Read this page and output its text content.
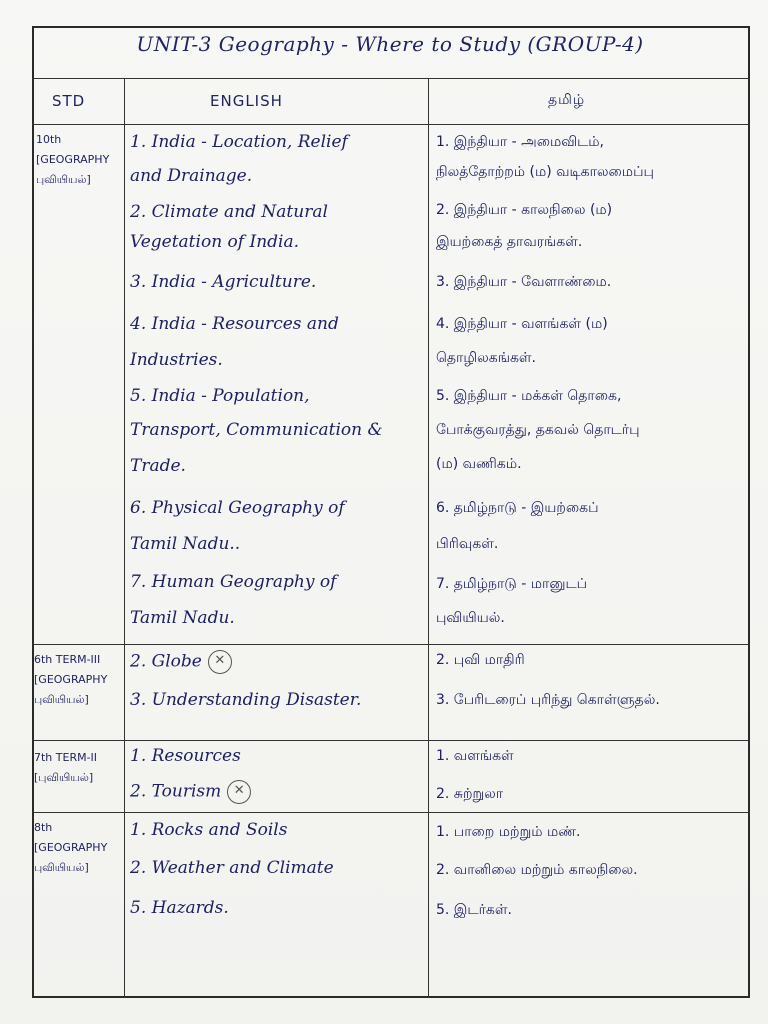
UNIT-3 Geography - Where to Study (GROUP-4)
STD	ENGLISH	தமிழ்
10th
[GEOGRAPHY
புவியியல்]
1. India - Location, Relief
and Drainage.
2. Climate and Natural
Vegetation of India.
3. India - Agriculture.
4. India - Resources and
Industries.
5. India - Population,
Transport, Communication &
Trade.
6. Physical Geography of
Tamil Nadu..
7. Human Geography of
Tamil Nadu.
1. இந்தியா - அமைவிடம்,
நிலத்தோற்றம் (ம) வடிகாலமைப்பு
2. இந்தியா - காலநிலை (ம)
இயற்கைத் தாவரங்கள்.
3. இந்தியா - வேளாண்மை.
4. இந்தியா - வளங்கள் (ம)
தொழிலகங்கள்.
5. இந்தியா - மக்கள் தொகை,
போக்குவரத்து, தகவல் தொடர்பு
(ம) வணிகம்.
6. தமிழ்நாடு - இயற்கைப்
பிரிவுகள்.
7. தமிழ்நாடு - மானுடப்
புவியியல்.
6th TERM-III
[GEOGRAPHY
புவியியல்]
2. Globe ✕
3. Understanding Disaster.
2. புவி மாதிரி
3. பேரிடரைப் புரிந்து கொள்ளுதல்.
7th TERM-II
[புவியியல்]
1. Resources
2. Tourism ✕
1. வளங்கள்
2. சுற்றுலா
8th
[GEOGRAPHY
புவியியல்]
1. Rocks and Soils
2. Weather and Climate
5. Hazards.
1. பாறை மற்றும் மண்.
2. வானிலை மற்றும் காலநிலை.
5. இடர்கள்.
